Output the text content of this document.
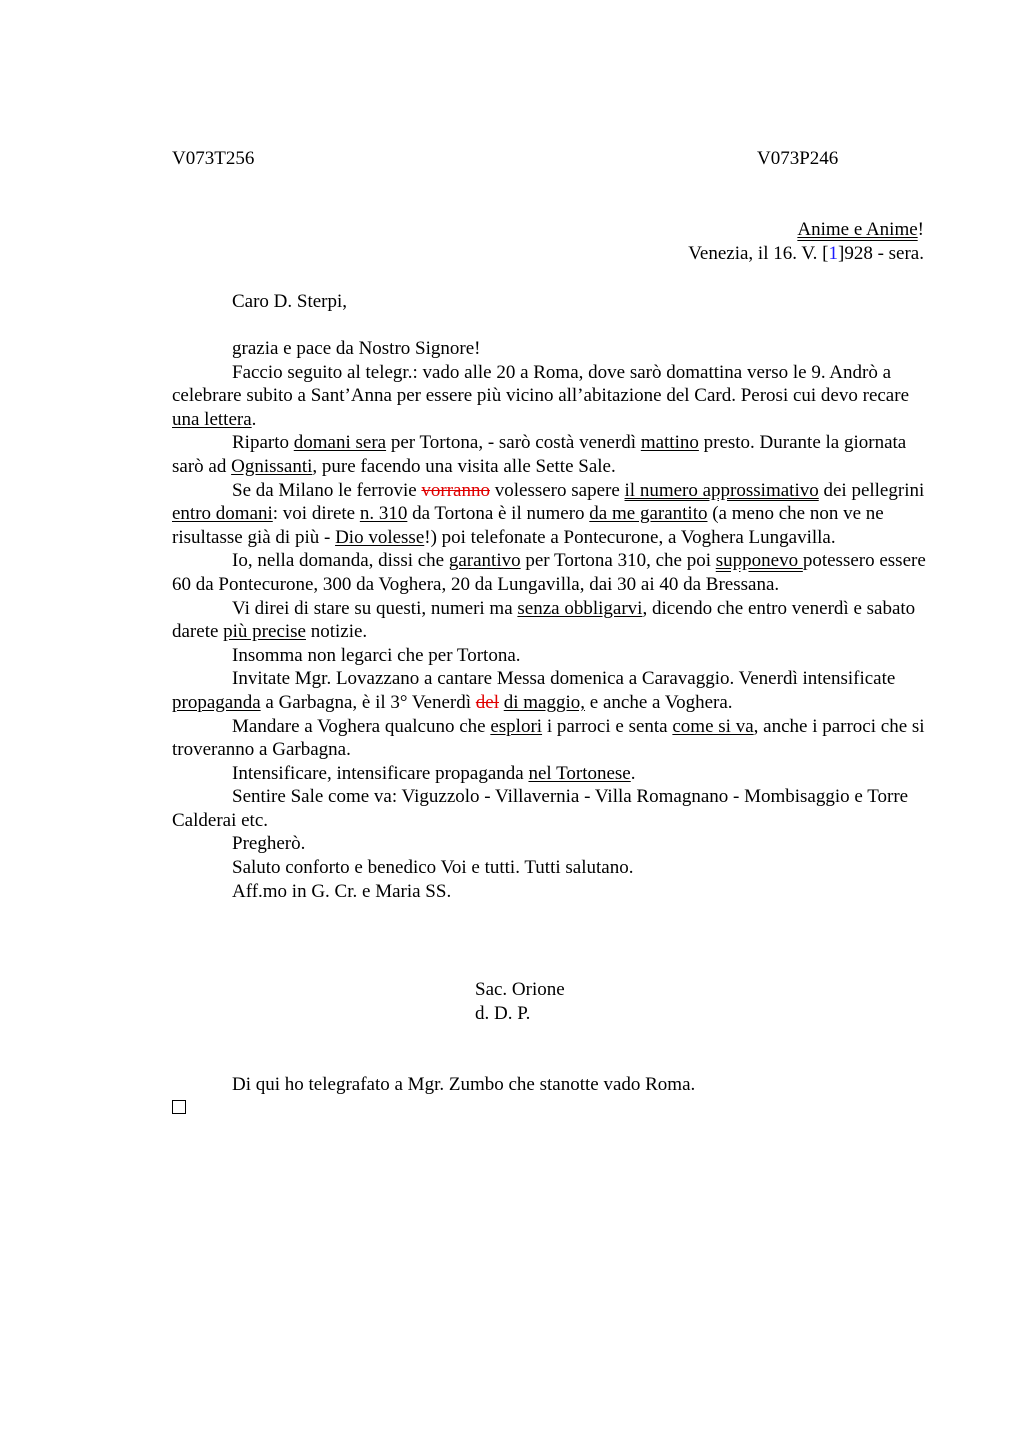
V073T256	V073P246
Anime e Anime!
Venezia, il 16. V. [1]928 - sera.
Caro D. Sterpi,

grazia e pace da Nostro Signore!

Faccio seguito al telegr.: vado alle 20 a Roma, dove sarò domattina verso le 9. Andrò a celebrare subito a Sant’Anna per essere più vicino all’abitazione del Card. Perosi cui devo recare una lettera.

Riparto domani sera per Tortona, - sarò costà venerdì mattino presto. Durante la giornata sarò ad Ognissanti, pure facendo una visita alle Sette Sale.

Se da Milano le ferrovie vorranno volessero sapere il numero approssimativo dei pellegrini entro domani: voi direte n. 310 da Tortona è il numero da me garantito (a meno che non ve ne risultasse già di più - Dio volesse!) poi telefonate a Pontecurone, a Voghera Lungavilla.

Io, nella domanda, dissi che garantivo per Tortona 310, che poi supponevo potessero essere 60 da Pontecurone, 300 da Voghera, 20 da Lungavilla, dai 30 ai 40 da Bressana.

Vi direi di stare su questi, numeri ma senza obbligarvi, dicendo che entro venerdì e sabato darete più precise notizie.

Insomma non legarci che per Tortona.

Invitate Mgr. Lovazzano a cantare Messa domenica a Caravaggio. Venerdì intensificate propaganda a Garbagna, è il 3° Venerdì del di maggio, e anche a Voghera.

Mandare a Voghera qualcuno che esplori i parroci e senta come si va, anche i parroci che si troveranno a Garbagna.

Intensificare, intensificare propaganda nel Tortonese.

Sentire Sale come va: Viguzzolo - Villavernia - Villa Romagnano - Mombisaggio e Torre Calderai etc.

Pregherò.

Saluto conforto e benedico Voi e tutti. Tutti salutano.

Aff.mo in G. Cr. e Maria SS.

Sac. Orione
d. D. P.
Di qui ho telegrafato a Mgr. Zumbo che stanotte vado Roma.
